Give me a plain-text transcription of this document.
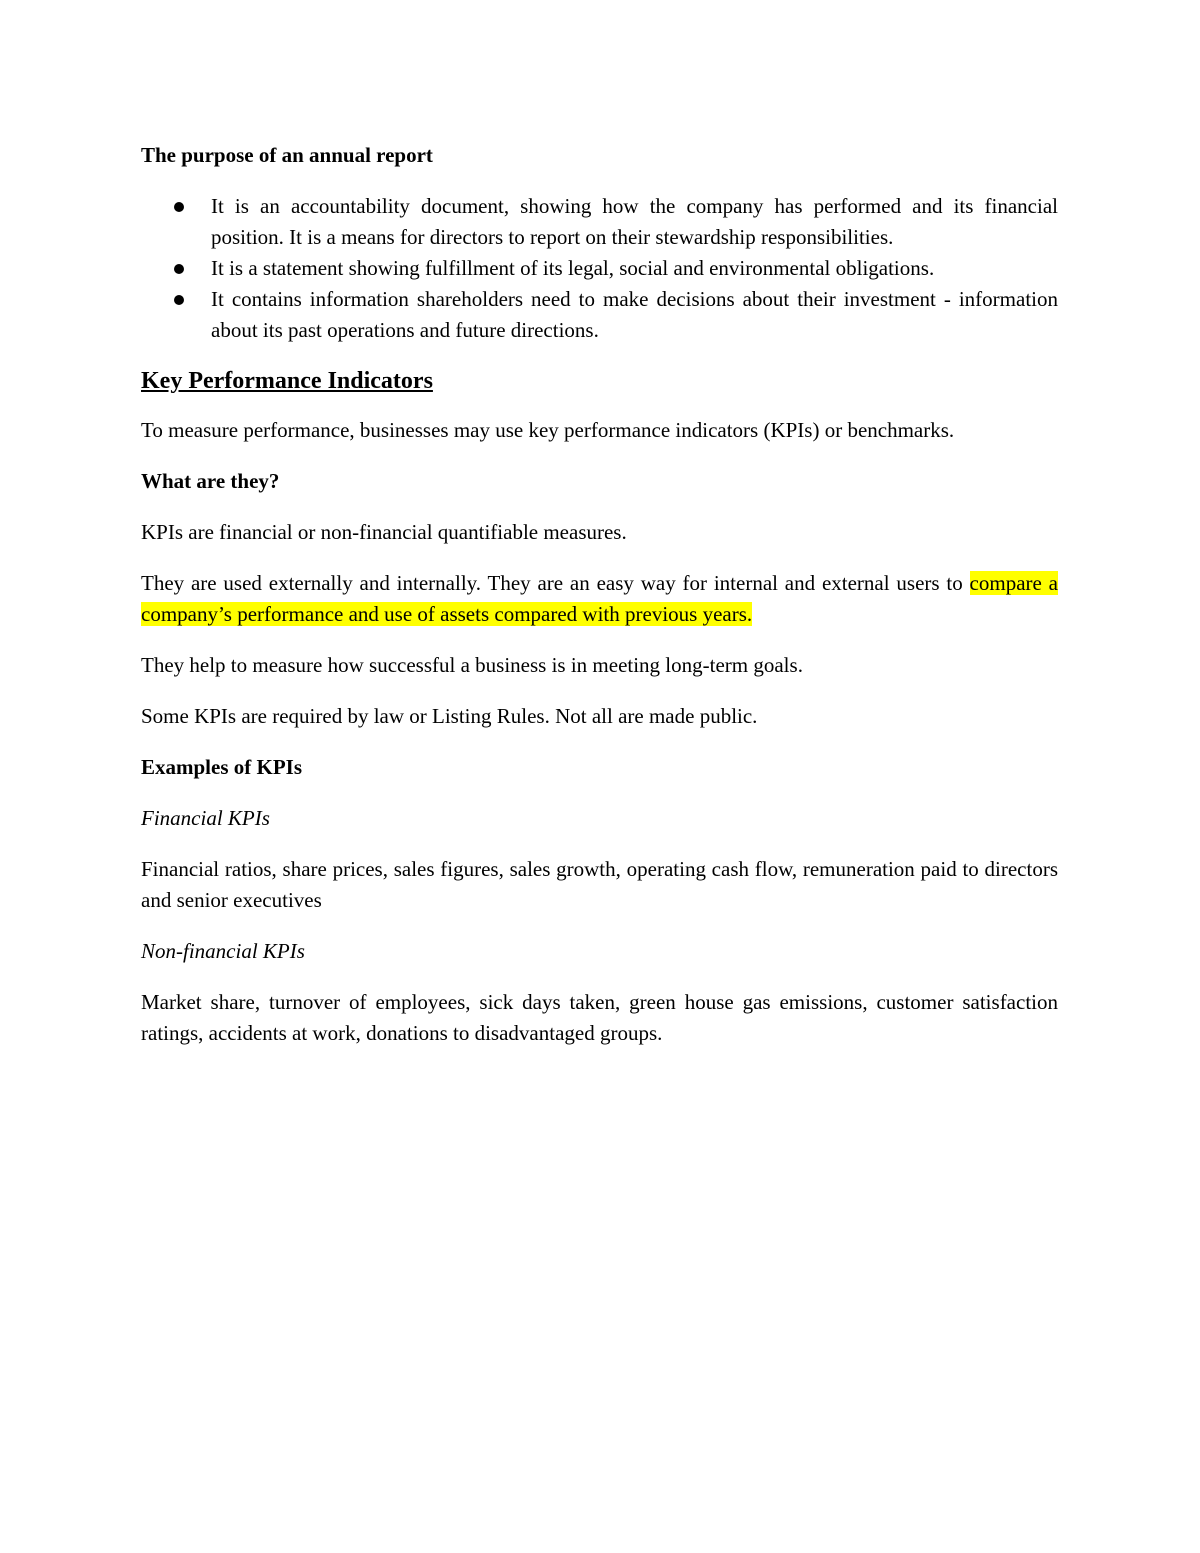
The purpose of an annual report
It is an accountability document, showing how the company has performed and its financial position. It is a means for directors to report on their stewardship responsibilities.
It is a statement showing fulfillment of its legal, social and environmental obligations.
It contains information shareholders need to make decisions about their investment - information about its past operations and future directions.
Key Performance Indicators

To measure performance, businesses may use key performance indicators (KPIs) or benchmarks.

What are they?

KPIs are financial or non-financial quantifiable measures.

They are used externally and internally. They are an easy way for internal and external users to compare a company’s performance and use of assets compared with previous years.

They help to measure how successful a business is in meeting long-term goals.

Some KPIs are required by law or Listing Rules. Not all are made public.

Examples of KPIs
Financial KPIs

Financial ratios, share prices, sales figures, sales growth, operating cash flow, remuneration paid to directors and senior executives

Non-financial KPIs

Market share, turnover of employees, sick days taken, green house gas emissions, customer satisfaction ratings, accidents at work, donations to disadvantaged groups.
